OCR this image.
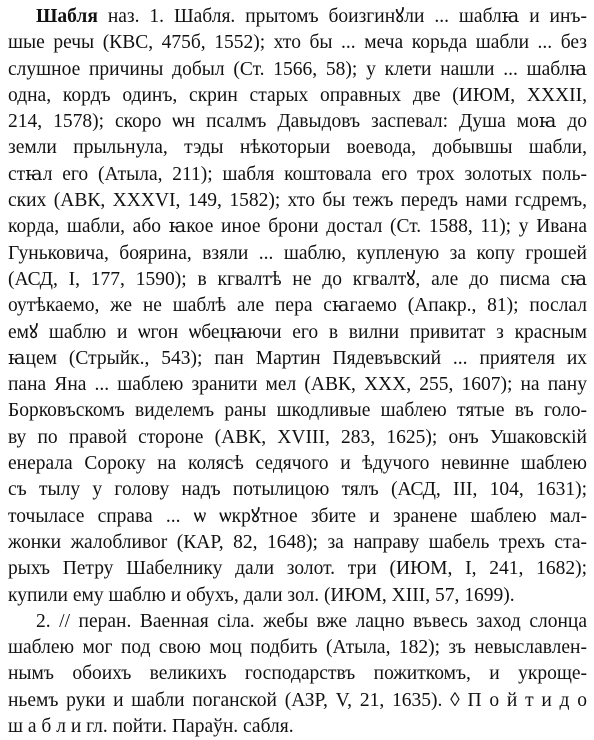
Шабля наз. 1. Шабля. прытомъ боизгинꙋли ... шаблꙗ и инъ-
шые речы (КВС, 475б, 1552); хто бы ... меча корьда шабли ... без
слушное причины добыл (Ст. 1566, 58); у клети нашли ... шаблꙗ
одна, кордъ одинъ, скрин старых оправных две (ИЮМ, XXXII,
214, 1578); скоро ѡн псалмъ Давыдовъ заспевал: Душа моꙗ до
земли прыльнула, тэды нѣкоторыи воевода, добывшы шабли,
стꙗл его (Атыла, 211); шабля коштовала его трох золотых поль-
ских (АВК, XXXVI, 149, 1582); хто бы тежъ передъ нами гсдремъ,
корда, шабли, або ꙗкое иное брони достал (Ст. 1588, 11); у Ивана
Гуньковича, бояринa, взяли ... шаблю, купленую за копу грошей
(АСД, I, 177, 1590); в кгвалтѣ не до кгвалтꙋ, але до писма сꙗ
оутѣкаемо, же не шаблѣ але пера сꙗгаемо (Апакр., 81); послал
емꙋ шаблю и ѡгон ѡбецꙗючи его в вилни привитат з красным
ꙗцем (Стрыйк., 543); пан Мартин Пядевъвский ... приятеля их
пана Яна ... шаблею зранити мел (АВК, XXX, 255, 1607); на пану
Борковъскомъ виделемъ раны шкодливые шаблею тятые въ голо-
ву по правой стороне (АВК, XVIII, 283, 1625); онъ Ушаковскiй
енерала Сороку на колясѣ седячого и ѣдучого невинне шаблею
съ тылу у голову надъ потылицою тялъ (АСД, III, 104, 1631);
точыласе справа ... ѡ ѡкрꙋтное збите и зранене шаблею мал-
жонки жалобливоr (КАР, 82, 1648); за направу шабель трехъ ста-
рыхъ Петру Шабелнику дали золот. три (ИЮМ, I, 241, 1682);
купили ему шаблю и обухъ, дали зол. (ИЮМ, XIII, 57, 1699).
2. // перан. Ваенная сіла. жебы вже лацно въвесь заход слонца
шаблею мог под свою моц подбить (Атыла, 182); зъ невыславлен-
нымъ обоихъ великихъ господарствъ пожиткомъ, и укроще-
ньемъ руки и шабли поганской (АЗР, V, 21, 1635). ◊ П о й т и д о
ш а б л и гл. пойти. Параўн. сабля.
